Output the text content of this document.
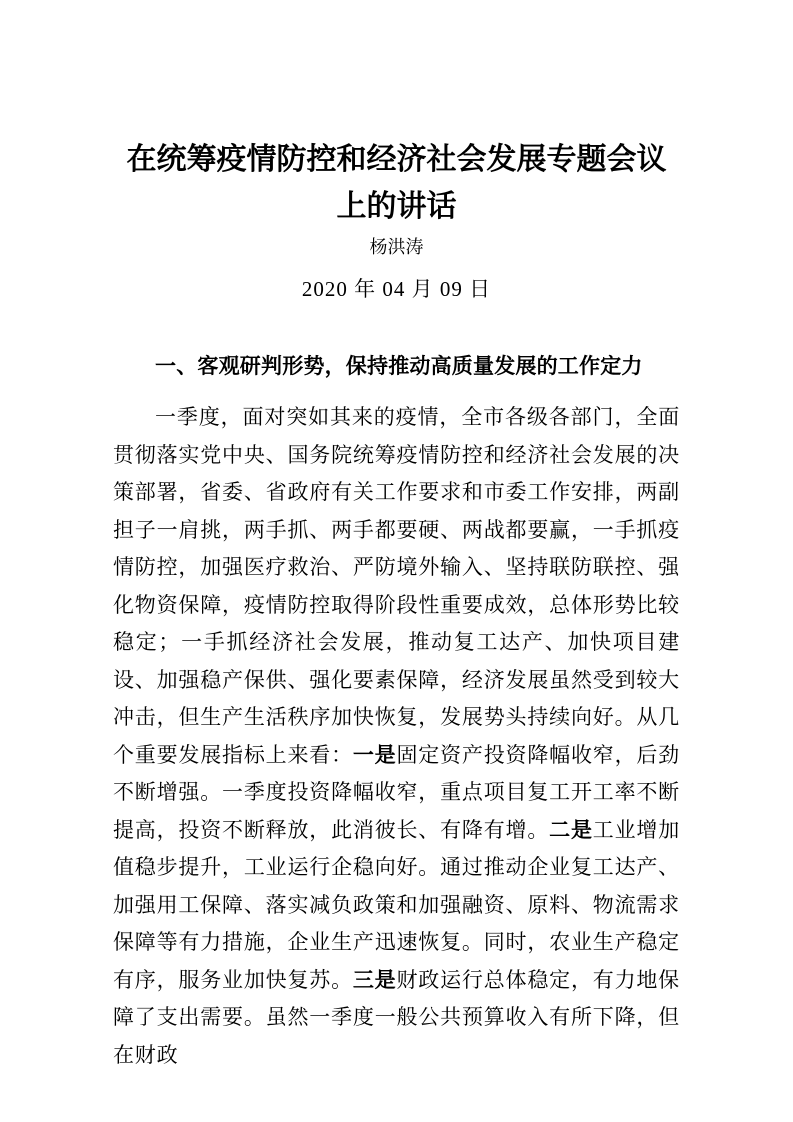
在统筹疫情防控和经济社会发展专题会议上的讲话
杨洪涛
2020 年 04 月 09 日
一、客观研判形势，保持推动高质量发展的工作定力

一季度，面对突如其来的疫情，全市各级各部门，全面贯彻落实党中央、国务院统筹疫情防控和经济社会发展的决策部署，省委、省政府有关工作要求和市委工作安排，两副担子一肩挑，两手抓、两手都要硬、两战都要赢，一手抓疫情防控，加强医疗救治、严防境外输入、坚持联防联控、强化物资保障，疫情防控取得阶段性重要成效，总体形势比较稳定；一手抓经济社会发展，推动复工达产、加快项目建设、加强稳产保供、强化要素保障，经济发展虽然受到较大冲击，但生产生活秩序加快恢复，发展势头持续向好。从几个重要发展指标上来看：一是固定资产投资降幅收窄，后劲不断增强。一季度投资降幅收窄，重点项目复工开工率不断提高，投资不断释放，此消彼长、有降有增。二是工业增加值稳步提升，工业运行企稳向好。通过推动企业复工达产、加强用工保障、落实减负政策和加强融资、原料、物流需求保障等有力措施，企业生产迅速恢复。同时，农业生产稳定有序，服务业加快复苏。三是财政运行总体稳定，有力地保障了支出需要。虽然一季度一般公共预算收入有所下降，但在财政
